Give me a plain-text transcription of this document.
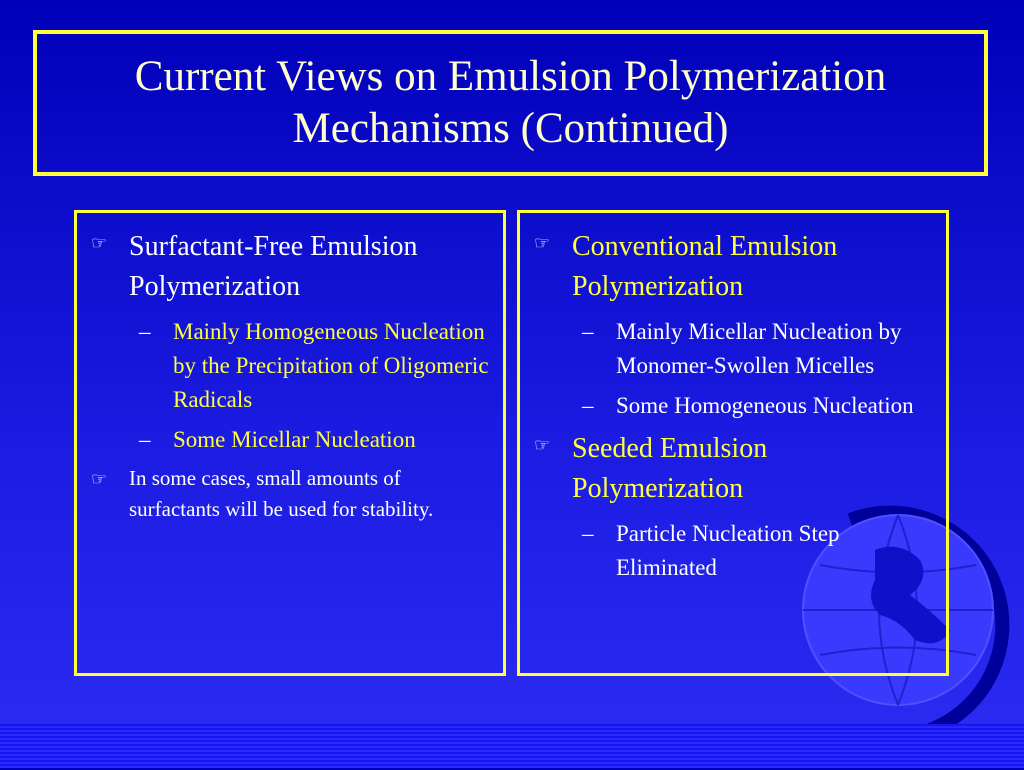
Current Views on Emulsion Polymerization
Mechanisms (Continued)
☞ Surfactant-Free Emulsion Polymerization
– Mainly Homogeneous Nucleation by the Precipitation of Oligomeric Radicals
– Some Micellar Nucleation
☞	In some cases, small amounts of surfactants will be used for stability.
☞ Conventional Emulsion Polymerization
– Mainly Micellar Nucleation by Monomer-Swollen Micelles
– Some Homogeneous Nucleation
☞ Seeded Emulsion Polymerization
– Particle Nucleation Step Eliminated
